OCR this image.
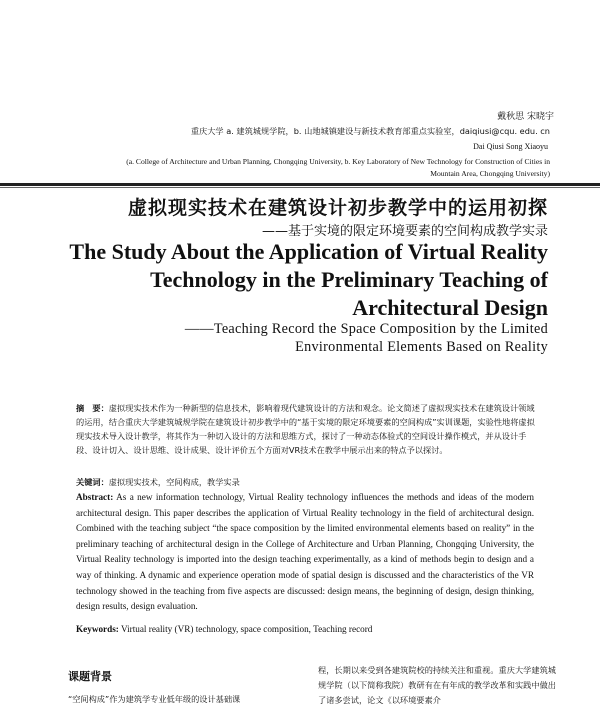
戴秋思 宋晓宇
重庆大学 a. 建筑城规学院，b. 山地城镇建设与新技术教育部重点实验室，daiqiusi@cqu. edu. cn
Dai Qiusi Song Xiaoyu
(a. College of Architecture and Urban Planning, Chongqing University, b. Key Laboratory of New Technology for Construction of Cities in
Mountain Area, Chongqing University)
虚拟现实技术在建筑设计初步教学中的运用初探
——基于实境的限定环境要素的空间构成教学实录
The Study About the Application of Virtual Reality Technology in the Preliminary Teaching of Architectural Design
——Teaching Record the Space Composition by the Limited
Environmental Elements Based on Reality
摘　要：虚拟现实技术作为一种新型的信息技术，影响着现代建筑设计的方法和观念。论文简述了虚拟现实技术在建筑设计领域的运用，结合重庆大学建筑城规学院在建筑设计初步教学中的“基于实境的限定环境要素的空间构成”实训课题，实验性地将虚拟现实技术导入设计教学，将其作为一种切入设计的方法和思维方式，探讨了一种动态体验式的空间设计操作模式，并从设计手段、设计切入、设计思维、设计成果、设计评价五个方面对VR技术在教学中展示出来的特点予以探讨。
关键词：虚拟现实技术，空间构成，教学实录
Abstract: As a new information technology, Virtual Reality technology influences the methods and ideas of the modern architectural design. This paper describes the application of Virtual Reality technology in the field of architectural design. Combined with the teaching subject “the space composition by the limited environmental elements based on reality” in the preliminary teaching of architectural design in the College of Architecture and Urban Planning, Chongqing University, the Virtual Reality technology is imported into the design teaching experimentally, as a kind of methods begin to design and a way of thinking. A dynamic and experience operation mode of spatial design is discussed and the characteristics of the VR technology showed in the teaching from five aspects are discussed: design means, the beginning of design, design thinking, design results, design evaluation.
Keywords: Virtual reality (VR) technology, space composition, Teaching record
课题背景
“空间构成”作为建筑学专业低年级的设计基础课
程，长期以来受到各建筑院校的持续关注和重视。重庆大学建筑城规学院（以下简称我院）教研有在有年成的教学改革和实践中做出了诸多尝试，论文《以环境要素介
